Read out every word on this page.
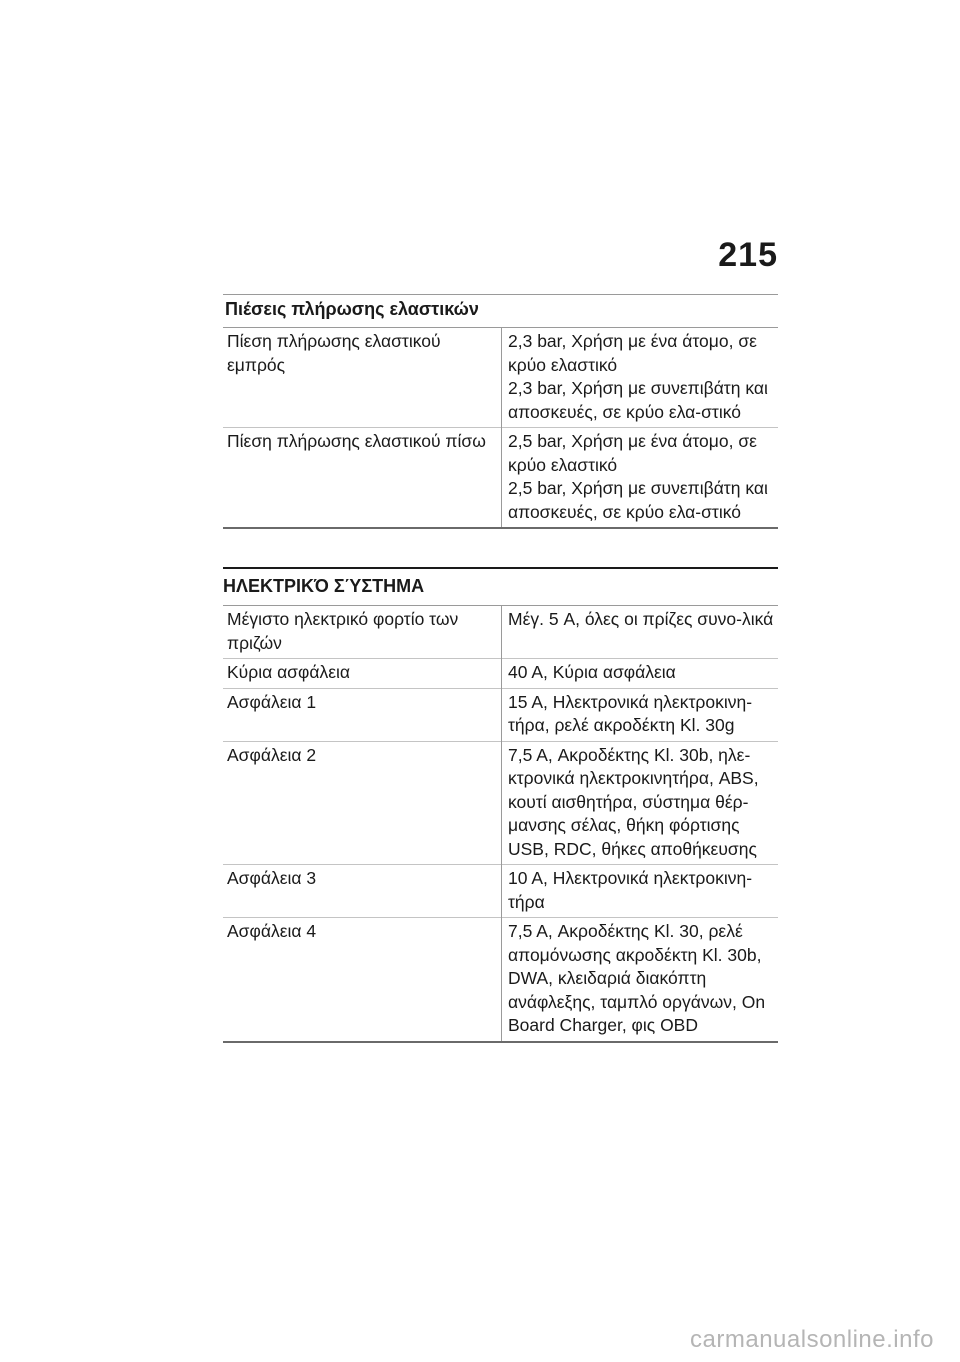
215
Πιέσεις πλήρωσης ελαστικών
Πίεση πλήρωσης ελαστικού εμπρός	2,3 bar, Χρήση με ένα άτομο, σε κρύο ελαστικό
2,3 bar, Χρήση με συνεπιβάτη και αποσκευές, σε κρύο ελα-στικό

Πίεση πλήρωσης ελαστικού πίσω	2,5 bar, Χρήση με ένα άτομο, σε κρύο ελαστικό
2,5 bar, Χρήση με συνεπιβάτη και αποσκευές, σε κρύο ελα-στικό
ΗΛΕΚΤΡΙΚΌ ΣΎΣΤΗΜΑ
Μέγιστο ηλεκτρικό φορτίο των πριζών	Μέγ. 5 A, όλες οι πρίζες συνο-λικά
Κύρια ασφάλεια	40 A, Κύρια ασφάλεια
Ασφάλεια 1	15 A, Ηλεκτρονικά ηλεκτροκινη-τήρα, ρελέ ακροδέκτη Kl. 30g
Ασφάλεια 2	7,5 A, Ακροδέκτης Kl. 30b, ηλε-κτρονικά ηλεκτροκινητήρα, ABS, κουτί αισθητήρα, σύστημα θέρ-μανσης σέλας, θήκη φόρτισης USB, RDC, θήκες αποθήκευσης
Ασφάλεια 3	10 A, Ηλεκτρονικά ηλεκτροκινη-τήρα
Ασφάλεια 4	7,5 A, Ακροδέκτης Kl. 30, ρελέ απομόνωσης ακροδέκτη Kl. 30b, DWA, κλειδαριά διακόπτη ανάφλεξης, ταμπλό οργάνων, On Board Charger, φις OBD
carmanualsonline.info
